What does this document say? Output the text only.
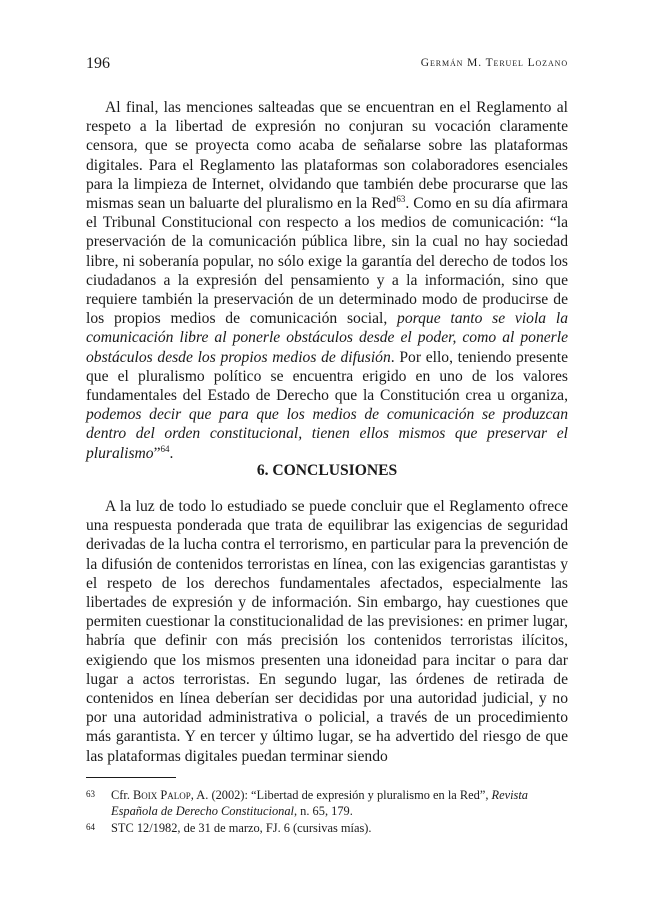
196	Germán M. Teruel Lozano

Al final, las menciones salteadas que se encuentran en el Reglamento al respeto a la libertad de expresión no conjuran su vocación claramente censora, que se proyecta como acaba de señalarse sobre las plataformas digitales. Para el Reglamento las plataformas son colaboradores esenciales para la limpieza de Internet, olvidando que también debe procurarse que las mismas sean un baluarte del pluralismo en la Red$^{63}$. Como en su día afirmara el Tribunal Constitucional con respecto a los medios de comunicación: “la preservación de la comunicación pública libre, sin la cual no hay sociedad libre, ni soberanía popular, no sólo exige la garantía del derecho de todos los ciudadanos a la expresión del pensamiento y a la información, sino que requiere también la preservación de un determinado modo de producirse de los propios medios de comunicación social, porque tanto se viola la comunicación libre al ponerle obstáculos desde el poder, como al ponerle obstáculos desde los propios medios de difusión. Por ello, teniendo presente que el pluralismo político se encuentra erigido en uno de los valores fundamentales del Estado de Derecho que la Constitución crea u organiza, podemos decir que para que los medios de comunicación se produzcan dentro del orden constitucional, tienen ellos mismos que preservar el pluralismo”$^{64}$.

6. CONCLUSIONES

A la luz de todo lo estudiado se puede concluir que el Reglamento ofrece una respuesta ponderada que trata de equilibrar las exigencias de seguridad derivadas de la lucha contra el terrorismo, en particular para la prevención de la difusión de contenidos terroristas en línea, con las exigencias garantistas y el respeto de los derechos fundamentales afectados, especialmente las libertades de expresión y de información. Sin embargo, hay cuestiones que permiten cuestionar la constitucionalidad de las previsiones: en primer lugar, habría que definir con más precisión los contenidos terroristas ilícitos, exigiendo que los mismos presenten una idoneidad para incitar o para dar lugar a actos terroristas. En segundo lugar, las órdenes de retirada de contenidos en línea deberían ser decididas por una autoridad judicial, y no por una autoridad administrativa o policial, a través de un procedimiento más garantista. Y en tercer y último lugar, se ha advertido del riesgo de que las plataformas digitales puedan terminar siendo

63 Cfr. Boix Palop, A. (2002): “Libertad de expresión y pluralismo en la Red”, Revista Española de Derecho Constitucional, n. 65, 179.
64 STC 12/1982, de 31 de marzo, FJ. 6 (cursivas mías).
